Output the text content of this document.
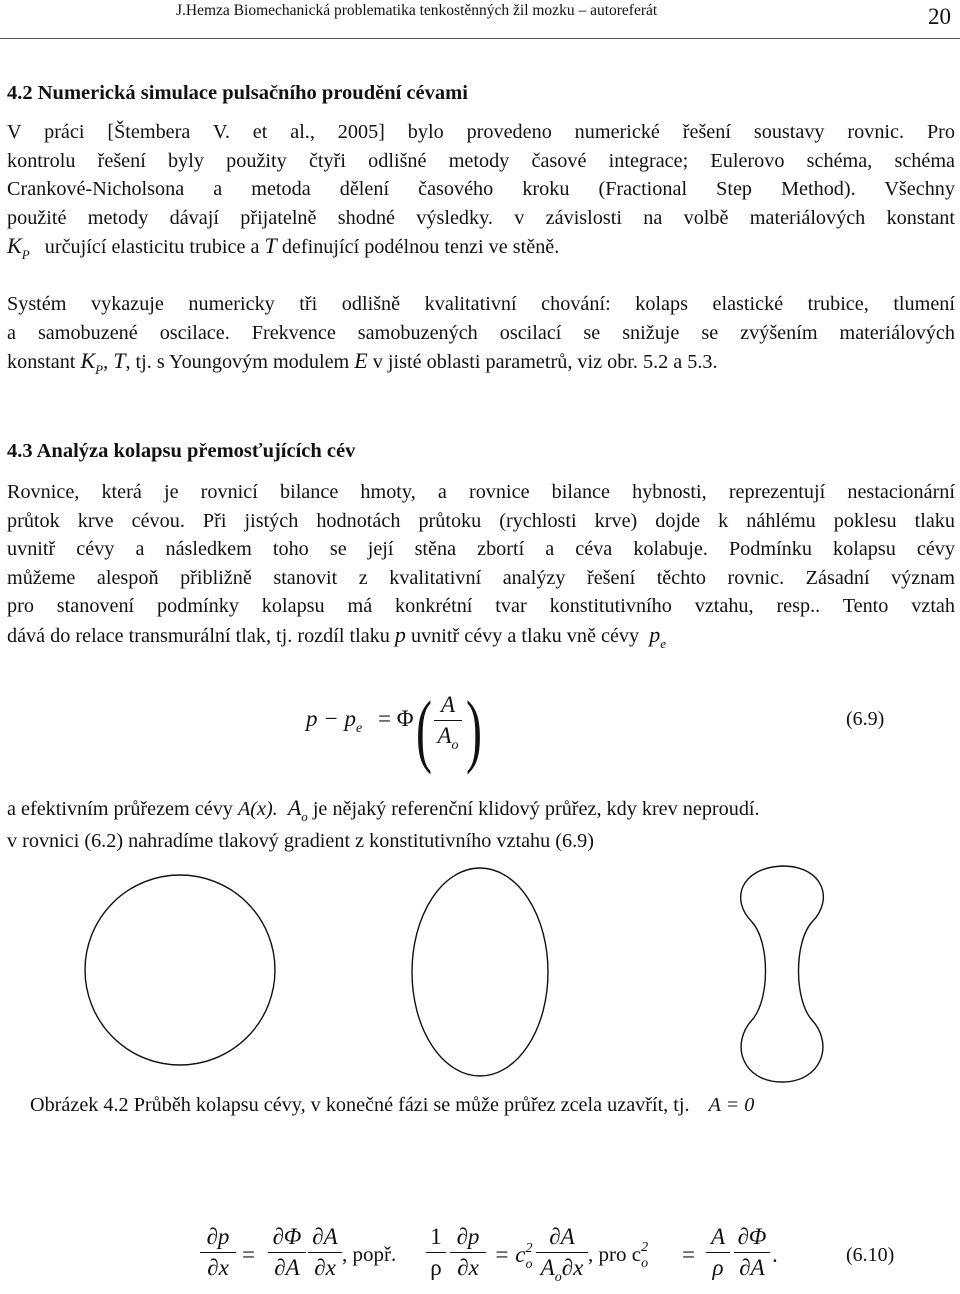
J.Hemza Biomechanická problematika tenkostěnných žil mozku – autoreferát	20
4.2 Numerická simulace pulsačního proudění cévami
V práci [Štembera V. et al., 2005] bylo provedeno numerické řešení soustavy rovnic. Pro
kontrolu řešení byly použity čtyři odlišné metody časové integrace; Eulerovo schéma, schéma
Crankové-Nicholsona a metoda dělení časového kroku (Fractional Step Method). Všechny
použité metody dávají přijatelně shodné výsledky. v závislosti na volbě materiálových konstant
$K_P$ určující elasticitu trubice a T definující podélnou tenzi ve stěně.
Systém vykazuje numericky tři odlišně kvalitativní chování: kolaps elastické trubice, tlumení
a samobuzené oscilace. Frekvence samobuzených oscilací se snižuje se zvýšením materiálových
konstant $K_P$, T, tj. s Youngovým modulem E v jisté oblasti parametrů, viz obr. 5.2 a 5.3.
4.3 Analýza kolapsu přemosťujících cév
Rovnice, která je rovnicí bilance hmoty, a rovnice bilance hybnosti, reprezentují nestacionární
průtok krve cévou. Při jistých hodnotách průtoku (rychlosti krve) dojde k náhlému poklesu tlaku
uvnitř cévy a následkem toho se její stěna zbortí a céva kolabuje. Podmínku kolapsu cévy
můžeme alespoň přibližně stanovit z kvalitativní analýzy řešení těchto rovnic. Zásadní význam
pro stanovení podmínky kolapsu má konkrétní tvar konstitutivního vztahu, resp.. Tento vztah
dává do relace transmurální tlak, tj. rozdíl tlaku p uvnitř cévy a tlaku vně cévy $p_e$
$p - p_e = \Phi$ ( A
$A_o$ )	(6.9)
a efektivním průřezem cévy A(x). $A_o$ je nějaký referenční klidový průřez, kdy krev neproudí.
v rovnici (6.2) nahradíme tlakový gradient z konstitutivního vztahu (6.9)
Obrázek 4.2 Průběh kolapsu cévy, v konečné fázi se může průřez zcela uzavřít, tj. A = 0
∂p
∂x
=
∂Φ
∂A
∂A
∂x
, popř.
1
ρ
∂p
∂x
= $c^2_o$
∂A
$A_o\partial x$
, pro $c^2_o$	=
A
ρ
∂Φ
∂A
.	(6.10)
